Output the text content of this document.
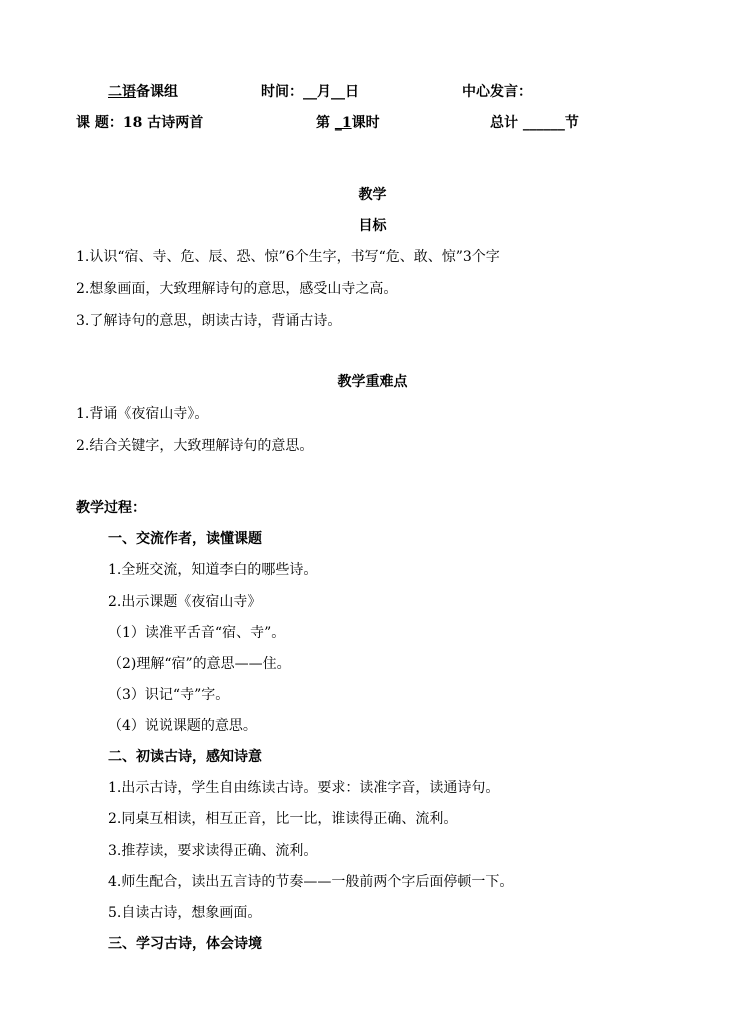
二语备课组	时间：__月__日	中心发言：
课 题：18 古诗两首	第 _1课时	总计 ______节
教学
目标
1.认识“宿、寺、危、辰、恐、惊”6个生字，书写“危、敢、惊”3个字
2.想象画面，大致理解诗句的意思，感受山寺之高。
3.了解诗句的意思，朗读古诗，背诵古诗。
教学重难点
1.背诵《夜宿山寺》。
2.结合关键字，大致理解诗句的意思。
教学过程：
一、交流作者，读懂课题
1.全班交流，知道李白的哪些诗。
2.出示课题《夜宿山寺》
（1）读准平舌音“宿、寺”。
（2)理解“宿”的意思——住。
（3）识记“寺”字。
（4）说说课题的意思。
二、初读古诗，感知诗意
1.出示古诗，学生自由练读古诗。要求：读准字音，读通诗句。
2.同桌互相读，相互正音，比一比，谁读得正确、流利。
3.推荐读，要求读得正确、流利。
4.师生配合，读出五言诗的节奏——一般前两个字后面停顿一下。
5.自读古诗，想象画面。
三、学习古诗，体会诗境
